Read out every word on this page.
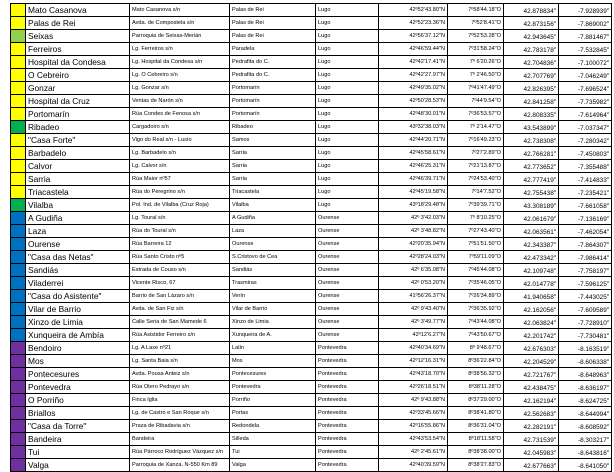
	Mato Casanova	Mato Casanova s/n	Palas de Rei	Lugo	42º52'43.80"N	7º58'44.18"O	42.878834$^o$	-7.928939$^o$
	Palas de Rei	Avda. de Compostela s/n	Palas de Rei	Lugo	42º52'23.36"N	7º52'8.41"O	42.873156$^o$	-7.869002$^o$
	Seixas	Parroquia de Seixas-Merián	Palas de Rei	Lugo	42º56'37.12"N	7º52'53.28"O	42.943645$^o$	-7.881467$^o$
	Ferreiros	Lg. Ferreiros s/n	Paradela	Lugo	42º46'59.44"N	7º31'58.24"O	42.783178$^o$	-7.532845$^o$
	Hospital da Condesa	Lg. Hospital da Condesa s/n	Pedrafita do C.	Lugo	42º42'17.41"N	7º 6'20.26"O	42.704836$^o$	-7.100072$^o$
	O Cebreiro	Lg. O Cebreiro s/n	Pedrafita do C.	Lugo	42º42'27.97"N	7º 2'46.50"O	42.707769$^o$	-7.046249$^o$
	Gonzar	Lg. Gonzar s/n	Portomarín	Lugo	42º49'35.02"N	7º41'47.49"O	42.826395$^o$	-7.696524$^o$
	Hospital da Cruz	Ventas de Narón s/n	Portomarín	Lugo	42º50'28.53"N	7º44'9.54"O	42.841258$^o$	-7.735982$^o$
	Portomarín	Rúa Condes de Fenosa s/n	Portomarín	Lugo	42º48'30.01"N	7º36'53.57"O	42.808335$^o$	-7.614964$^o$
	Ribadeo	Cargadoiro s/n	Ribadeo	Lugo	43º32'38.03"N	7º 2'14.47"O	43.543899$^o$	-7.037347$^o$
	"Casa Forte"	Vigo do Real s/n - Lusío	Samos	Lugo	42º44'20.71"N	7º16'49.23"O	42.738308$^o$	-7.280342$^o$
	Barbadelo	Lg. Barbadelo s/n	Sarria	Lugo	42º45'58.61"N	7º27'2.89"O	42.766281$^o$	-7.450803$^o$
	Calvor	Lg. Calvor s/n	Sarria	Lugo	42º46'25.31"N	7º21'13.87"O	42.773652$^o$	-7.355488$^o$
	Sarria	Rúa Maior nº57	Sarria	Lugo	42º46'39.71"N	7º24'53.40"O	42.777419$^o$	-7.414833$^o$
	Triacastela	Rúa do Peregrino s/n	Triacastela	Lugo	42º45'19.58"N	7º14'7.52"O	42.755438$^o$	-7.235421$^o$
	Vilalba	Pol. Ind. de Vilalba (Cruz Roja)	Vilalba	Lugo	43º18'29.48"N	7º39'39.71"O	43.308189$^o$	-7.661058$^o$
	A Gudiña	Lg. Toural s/n	A Gudiña	Ourense	42º 3'42.03"N	7º 8'10.25"O	42.061679$^o$	-7.136169$^o$
	Laza	Rúa do Toural s/n	Laza	Ourense	42º 3'48.82"N	7º27'43.40"O	42.063561$^o$	-7.462054$^o$
	Ourense	Rúa Barreira 12	Ourense	Ourense	42º20'35.94"N	7º51'51.50"O	42.343387$^o$	-7.864307$^o$
	"Casa das Netas"	Rúa Santo Cristo nº5	S.Cristovo de Cea	Ourense	42º28'24.03"N	7º59'11.09"O	42.473342$^o$	-7.986414$^o$
	Sandiás	Estrada de Couso s/n	Sandiás	Ourense	42º 6'35.08"N	7º45'44.08"O	42.109748$^o$	-7.758197$^o$
	Viladerrei	Vicente Risco, 67	Trasmiras	Ourense	42º 0'53.20"N	7º35'46.05"O	42.014778$^o$	-7.596125$^o$
	"Casa do Asistente"	Barrio de San Lázaro s/n	Verín	Ourense	41º56'26.37"N	7º26'34.89"O	41.940658$^o$	-7.443025$^o$
	Vilar de Barrio	Avda. de San Fiz s/n	Vilar de Barrio	Ourense	42º 9'43.40"N	7º36'35.92"O	42.162056$^o$	-7.609589$^o$
	Xinzo de Limia	Calle Seria de San Mamede 6	Xinzo de Limia	Ourense	42º 3'49.77"N	7º43'44.08"O	42.063824$^o$	-7.728910$^o$
	Xunqueira de Ambía	Rúa Asistidor Ferreiro s/n	Xunqueira de A.	Ourense	42º12'6.27"N	7º43'50.67"O	42.201742$^o$	-7.730481$^o$
	Bendoiro	Lg. A Laxe nº21	Lalín	Pontevedra	42º40'34.69"N	8º 9'48.67"O	42.676303$^o$	-8.163519$^o$
	Mos	Lg. Santa Baia s/n	Mos	Pontevedra	42º12'16.31"N	8º36'22.84"O	42.204529$^o$	-8.606338$^o$
	Pontecesures	Avda. Pousa Anteiz s/n	Pontecesures	Pontevedra	42º43'18.70"N	8º38'56.32"O	42.721767$^o$	-8.648963$^o$
	Pontevedra	Rúa Otero Pedrayo s/n	Pontevedra	Pontevedra	42º26'18.51"N	8º38'11.28"O	42.438475$^o$	-8.636197$^o$
	O Porriño	Finca Iglia	Porriño	Pontevedra	42º 9'43.88"N	8º37'29.00"O	42.162194$^o$	-8.624725$^o$
	Briallos	Lg. de Castro e San Roque s/n	Portas	Pontevedra	42º33'45.66"N	8º38'41.80"O	42.562683$^o$	-8.644994$^o$
	"Casa da Torre"	Praza de Ribadavia s/n	Redondela	Pontevedra	42º16'55.86"N	8º36'31.04"O	42.282191$^o$	-8.608592$^o$
	Bandeira	Bandeira	Silleda	Pontevedra	42º43'53.54"N	8º18'11.58"O	42.731539$^o$	-8.303217$^o$
	Tui	Rúa Párroco Rodríguez Vázquez s/n	Tui	Pontevedra	42º 2'45.61"N	8º38'38.00"O	42.045983$^o$	-8.643816$^o$
	Valga	Parroquia de Xanza. N-550 Km 89	Valga	Pontevedra	42º40'39.59"N	8º38'27.83"O	42.677663$^o$	-8.641050$^o$
